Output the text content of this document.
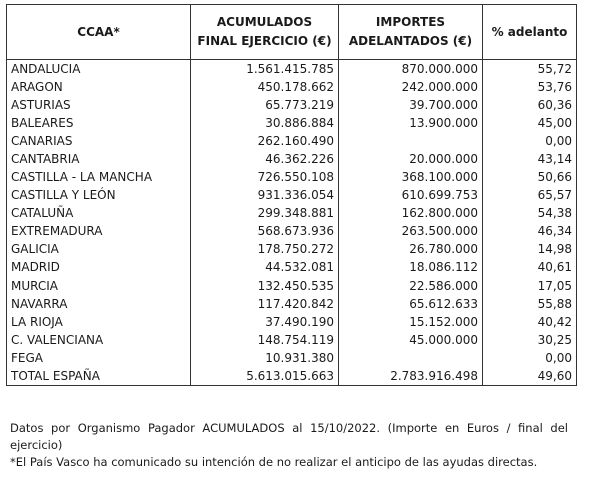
CCAA*	ACUMULADOS FINAL EJERCICIO (€)	IMPORTES ADELANTADOS (€)	% adelanto
ANDALUCIA	1.561.415.785	870.000.000	55,72
ARAGON	450.178.662	242.000.000	53,76
ASTURIAS	65.773.219	39.700.000	60,36
BALEARES	30.886.884	13.900.000	45,00
CANARIAS	262.160.490		0,00
CANTABRIA	46.362.226	20.000.000	43,14
CASTILLA - LA MANCHA	726.550.108	368.100.000	50,66
CASTILLA Y LEÓN	931.336.054	610.699.753	65,57
CATALUÑA	299.348.881	162.800.000	54,38
EXTREMADURA	568.673.936	263.500.000	46,34
GALICIA	178.750.272	26.780.000	14,98
MADRID	44.532.081	18.086.112	40,61
MURCIA	132.450.535	22.586.000	17,05
NAVARRA	117.420.842	65.612.633	55,88
LA RIOJA	37.490.190	15.152.000	40,42
C. VALENCIANA	148.754.119	45.000.000	30,25
FEGA	10.931.380		0,00
TOTAL ESPAÑA	5.613.015.663	2.783.916.498	49,60

Datos por Organismo Pagador ACUMULADOS al 15/10/2022. (Importe en Euros / final del ejercicio)

*El País Vasco ha comunicado su intención de no realizar el anticipo de las ayudas directas.
